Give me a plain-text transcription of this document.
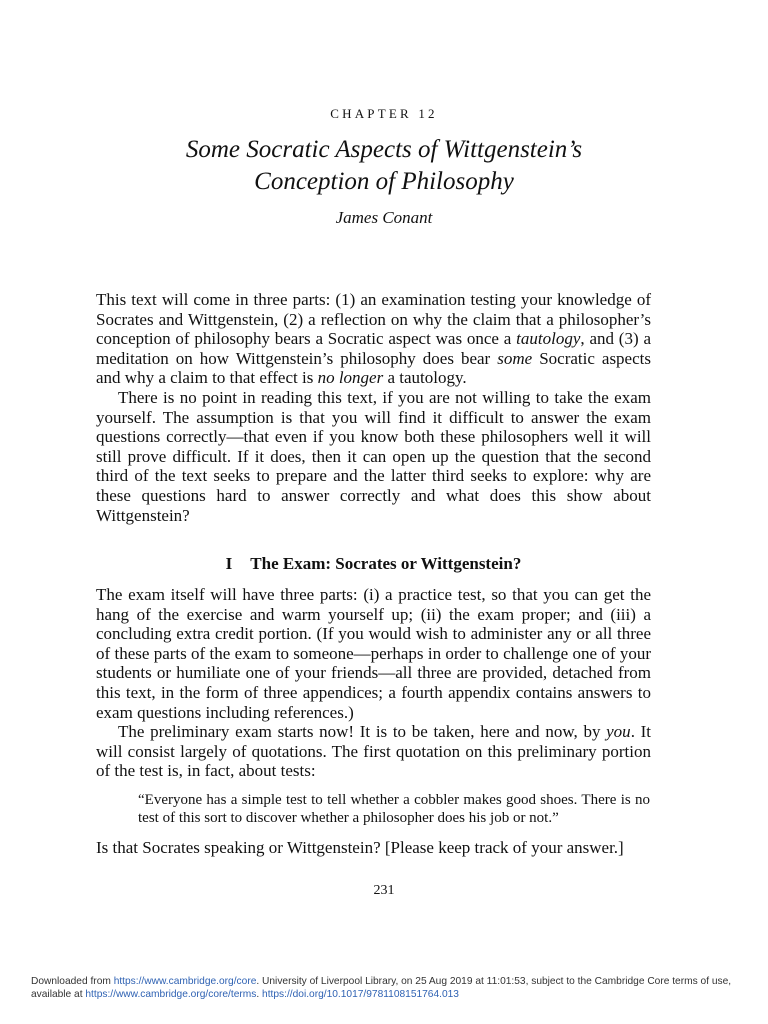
CHAPTER 12
Some Socratic Aspects of Wittgenstein’s
Conception of Philosophy
James Conant

This text will come in three parts: (1) an examination testing your knowledge of Socrates and Wittgenstein, (2) a reflection on why the claim that a philosopher’s conception of philosophy bears a Socratic aspect was once a tautology, and (3) a meditation on how Wittgenstein’s philosophy does bear some Socratic aspects and why a claim to that effect is no longer a tautology.

There is no point in reading this text, if you are not willing to take the exam yourself. The assumption is that you will find it difficult to answer the exam questions correctly—that even if you know both these philosophers well it will still prove difficult. If it does, then it can open up the question that the second third of the text seeks to prepare and the latter third seeks to explore: why are these questions hard to answer correctly and what does this show about Wittgenstein?

I The Exam: Socrates or Wittgenstein?

The exam itself will have three parts: (i) a practice test, so that you can get the hang of the exercise and warm yourself up; (ii) the exam proper; and (iii) a concluding extra credit portion. (If you would wish to administer any or all three of these parts of the exam to someone—perhaps in order to challenge one of your students or humiliate one of your friends—all three are provided, detached from this text, in the form of three appendices; a fourth appendix contains answers to exam questions including references.)

The preliminary exam starts now! It is to be taken, here and now, by you. It will consist largely of quotations. The first quotation on this preliminary portion of the test is, in fact, about tests:

“Everyone has a simple test to tell whether a cobbler makes good shoes. There is no test of this sort to discover whether a philosopher does his job or not.”
Is that Socrates speaking or Wittgenstein? [Please keep track of your answer.]
231
Downloaded from https://www.cambridge.org/core. University of Liverpool Library, on 25 Aug 2019 at 11:01:53, subject to the Cambridge Core terms of use, available at https://www.cambridge.org/core/terms. https://doi.org/10.1017/9781108151764.013
